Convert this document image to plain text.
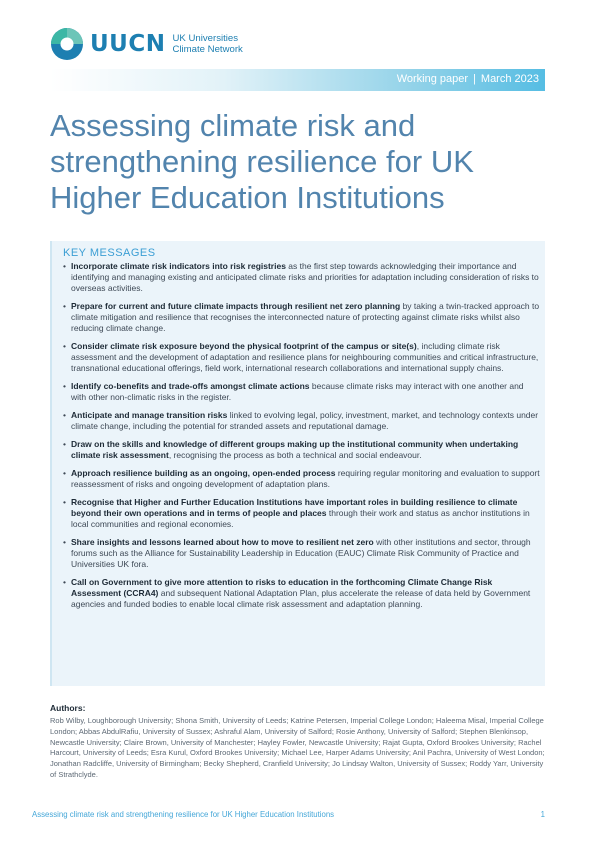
UUCN UK Universities
Climate Network
Working paper | March 2023
Assessing climate risk and strengthening resilience for UK Higher Education Institutions
KEY MESSAGES
• Incorporate climate risk indicators into risk registries as the first step towards acknowledging their importance and identifying and managing existing and anticipated climate risks and priorities for adaptation including consideration of risks to overseas activities.
• Prepare for current and future climate impacts through resilient net zero planning by taking a twin-tracked approach to climate mitigation and resilience that recognises the interconnected nature of protecting against climate risks whilst also reducing climate change.
• Consider climate risk exposure beyond the physical footprint of the campus or site(s), including climate risk assessment and the development of adaptation and resilience plans for neighbouring communities and critical infrastructure, transnational educational offerings, field work, international research collaborations and international supply chains.
• Identify co-benefits and trade-offs amongst climate actions because climate risks may interact with one another and with other non-climatic risks in the register.
• Anticipate and manage transition risks linked to evolving legal, policy, investment, market, and technology contexts under climate change, including the potential for stranded assets and reputational damage.
• Draw on the skills and knowledge of different groups making up the institutional community when undertaking climate risk assessment, recognising the process as both a technical and social endeavour.
• Approach resilience building as an ongoing, open-ended process requiring regular monitoring and evaluation to support reassessment of risks and ongoing development of adaptation plans.
• Recognise that Higher and Further Education Institutions have important roles in building resilience to climate beyond their own operations and in terms of people and places through their work and status as anchor institutions in local communities and regional economies.
• Share insights and lessons learned about how to move to resilient net zero with other institutions and sector, through forums such as the Alliance for Sustainability Leadership in Education (EAUC) Climate Risk Community of Practice and Universities UK fora.
• Call on Government to give more attention to risks to education in the forthcoming Climate Change Risk Assessment (CCRA4) and subsequent National Adaptation Plan, plus accelerate the release of data held by Government agencies and funded bodies to enable local climate risk assessment and adaptation planning.
Authors:

Rob Wilby, Loughborough University; Shona Smith, University of Leeds; Katrine Petersen, Imperial College London; Haleema Misal, Imperial College London; Abbas AbdulRafiu, University of Sussex; Ashraful Alam, University of Salford; Rosie Anthony, University of Salford; Stephen Blenkinsop, Newcastle University; Claire Brown, University of Manchester; Hayley Fowler, Newcastle University; Rajat Gupta, Oxford Brookes University; Rachel Harcourt, University of Leeds; Esra Kurul, Oxford Brookes University; Michael Lee, Harper Adams University; Anil Pachra, University of West London; Jonathan Radcliffe, University of Birmingham; Becky Shepherd, Cranfield University; Jo Lindsay Walton, University of Sussex; Roddy Yarr, University of Strathclyde.

Assessing climate risk and strengthening resilience for UK Higher Education Institutions	1
